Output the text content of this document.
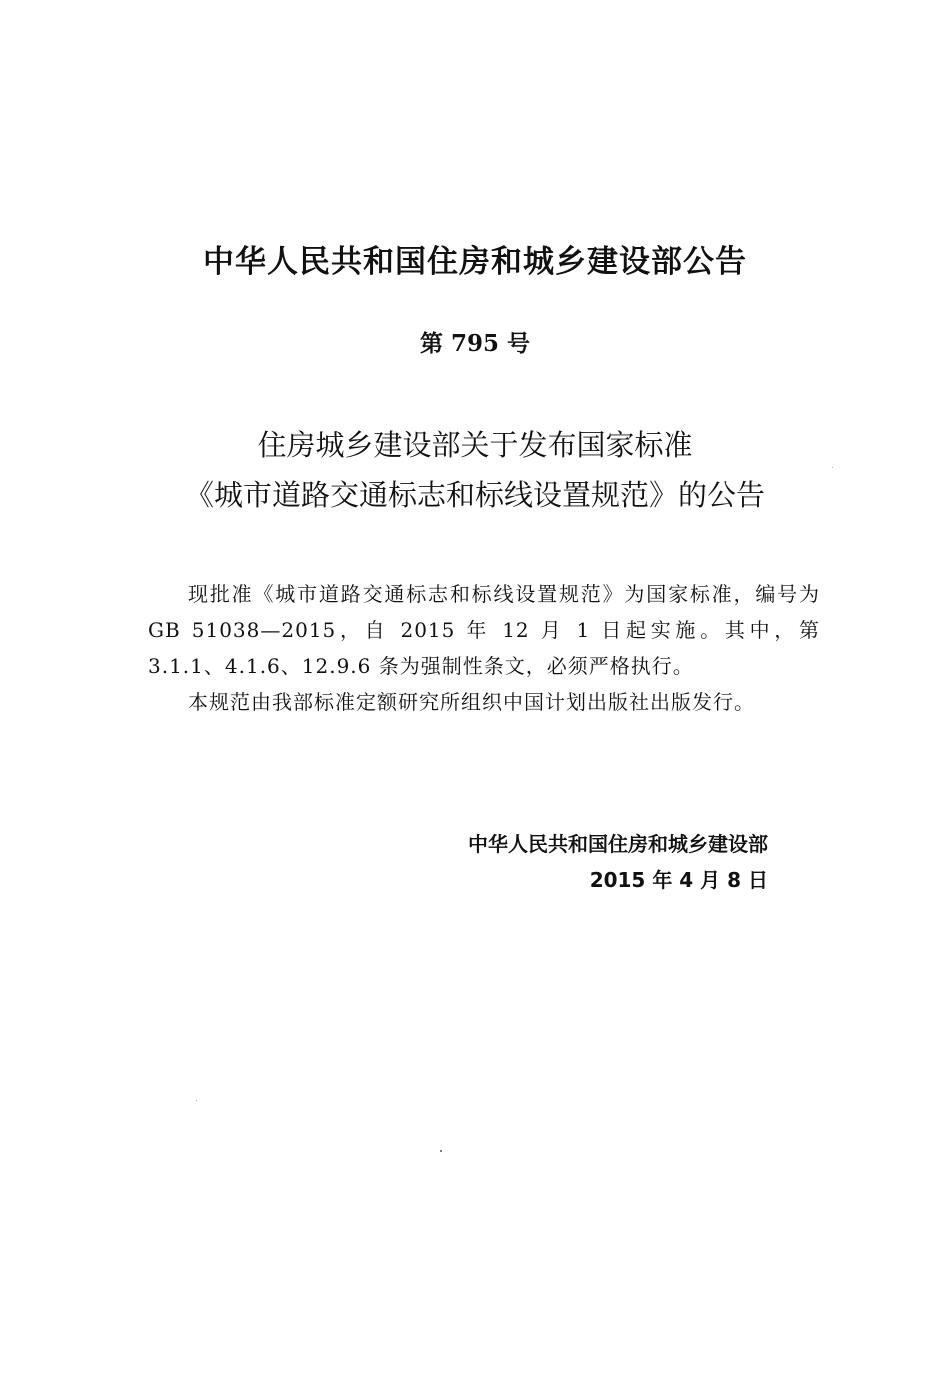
中华人民共和国住房和城乡建设部公告
第 795 号
住房城乡建设部关于发布国家标准
《城市道路交通标志和标线设置规范》的公告

现批准《城市道路交通标志和标线设置规范》为国家标准，编号为 GB 51038—2015，自 2015 年 12 月 1 日起实施。其中，第 3.1.1、4.1.6、12.9.6 条为强制性条文，必须严格执行。

本规范由我部标准定额研究所组织中国计划出版社出版发行。

中华人民共和国住房和城乡建设部
2015 年 4 月 8 日
